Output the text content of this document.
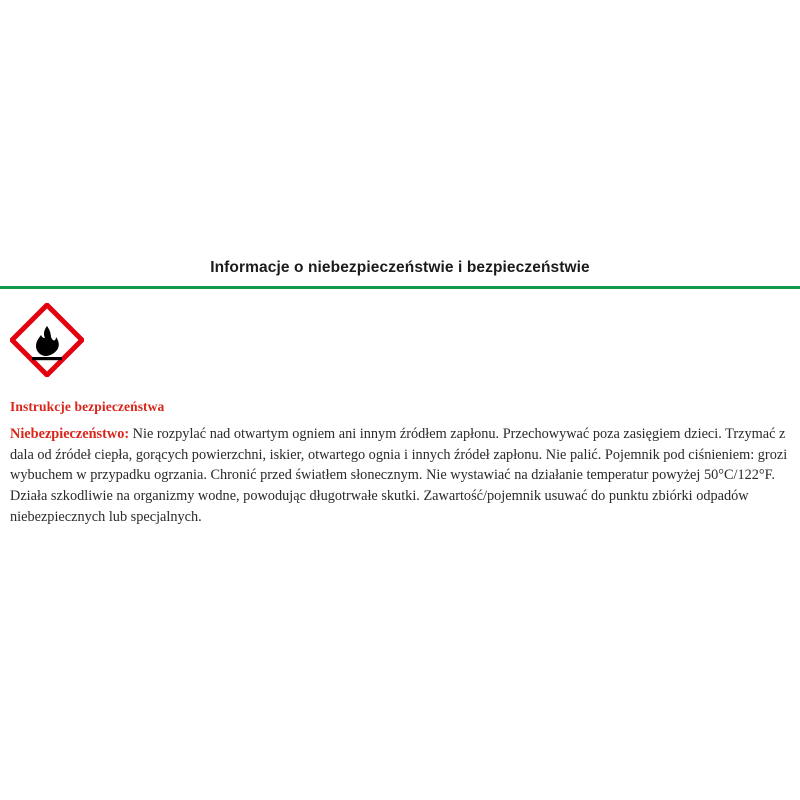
Informacje o niebezpieczeństwie i bezpieczeństwie
Instrukcje bezpieczeństwa
Niebezpieczeństwo: Nie rozpylać nad otwartym ogniem ani innym źródłem zapłonu. Przechowywać poza zasięgiem dzieci. Trzymać z dala od źródeł ciepła, gorących powierzchni, iskier, otwartego ognia i innych źródeł zapłonu. Nie palić. Pojemnik pod ciśnieniem: grozi wybuchem w przypadku ogrzania. Chronić przed światłem słonecznym. Nie wystawiać na działanie temperatur powyżej 50°C/122°F. Działa szkodliwie na organizmy wodne, powodując długotrwałe skutki. Zawartość/pojemnik usuwać do punktu zbiórki odpadów niebezpiecznych lub specjalnych.
